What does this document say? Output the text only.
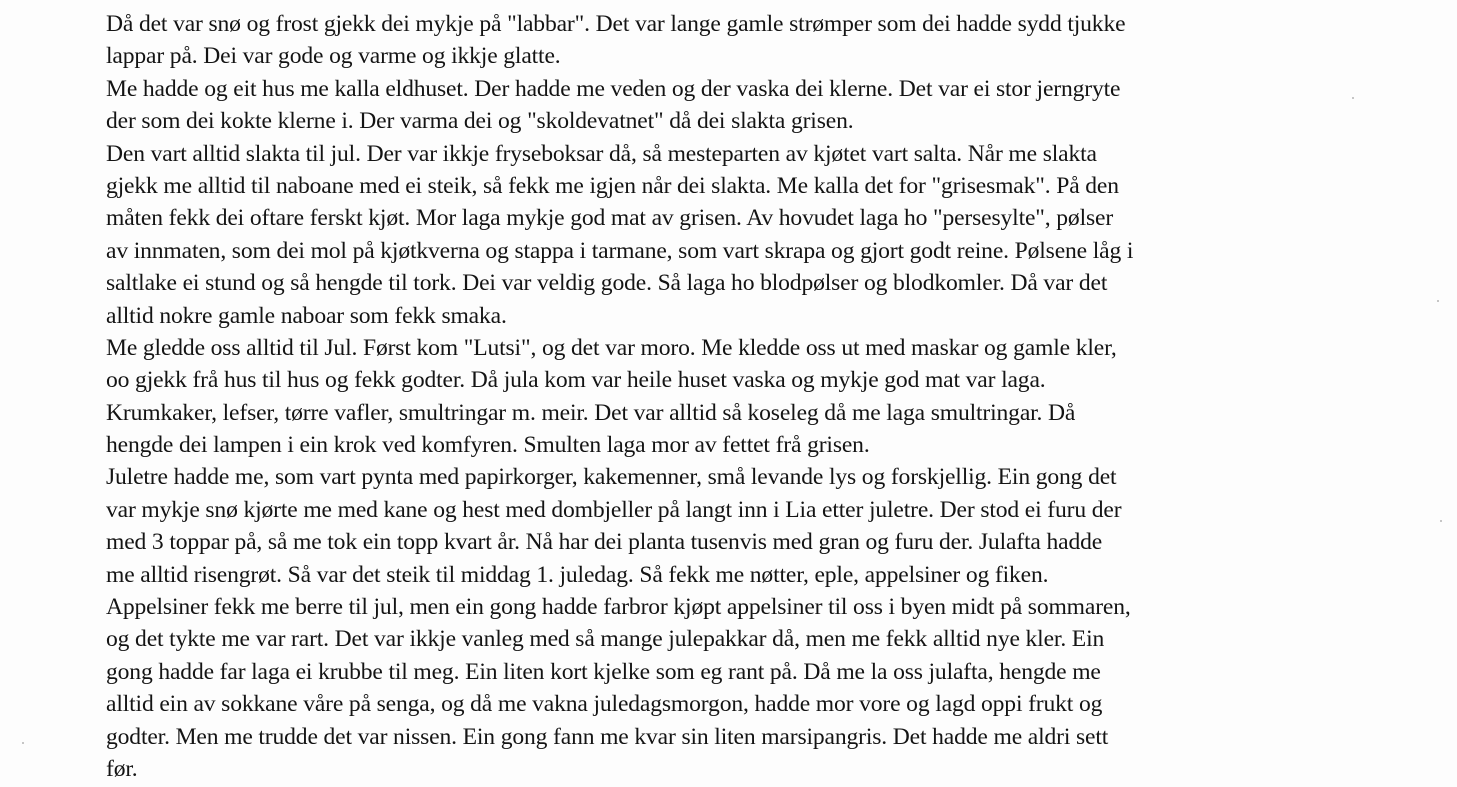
Då det var snø og frost gjekk dei mykje på "labbar". Det var lange gamle strømper som dei hadde sydd tjukke
lappar på. Dei var gode og varme og ikkje glatte.
Me hadde og eit hus me kalla eldhuset. Der hadde me veden og der vaska dei klerne. Det var ei stor jerngryte
der som dei kokte klerne i. Der varma dei og "skoldevatnet" då dei slakta grisen.
Den vart alltid slakta til jul. Der var ikkje fryseboksar då, så mesteparten av kjøtet vart salta. Når me slakta
gjekk me alltid til naboane med ei steik, så fekk me igjen når dei slakta. Me kalla det for "grisesmak". På den
måten fekk dei oftare ferskt kjøt. Mor laga mykje god mat av grisen. Av hovudet laga ho "persesylte", pølser
av innmaten, som dei mol på kjøtkverna og stappa i tarmane, som vart skrapa og gjort godt reine. Pølsene låg i
saltlake ei stund og så hengde til tork. Dei var veldig gode. Så laga ho blodpølser og blodkomler. Då var det
alltid nokre gamle naboar som fekk smaka.
Me gledde oss alltid til Jul. Først kom "Lutsi", og det var moro. Me kledde oss ut med maskar og gamle kler,
oo gjekk frå hus til hus og fekk godter. Då jula kom var heile huset vaska og mykje god mat var laga.
Krumkaker, lefser, tørre vafler, smultringar m. meir. Det var alltid så koseleg då me laga smultringar. Då
hengde dei lampen i ein krok ved komfyren. Smulten laga mor av fettet frå grisen.
Juletre hadde me, som vart pynta med papirkorger, kakemenner, små levande lys og forskjellig. Ein gong det
var mykje snø kjørte me med kane og hest med dombjeller på langt inn i Lia etter juletre. Der stod ei furu der
med 3 toppar på, så me tok ein topp kvart år. Nå har dei planta tusenvis med gran og furu der. Julafta hadde
me alltid risengrøt. Så var det steik til middag 1. juledag. Så fekk me nøtter, eple, appelsiner og fiken.
Appelsiner fekk me berre til jul, men ein gong hadde farbror kjøpt appelsiner til oss i byen midt på sommaren,
og det tykte me var rart. Det var ikkje vanleg med så mange julepakkar då, men me fekk alltid nye kler. Ein
gong hadde far laga ei krubbe til meg. Ein liten kort kjelke som eg rant på. Då me la oss julafta, hengde me
alltid ein av sokkane våre på senga, og då me vakna juledagsmorgon, hadde mor vore og lagd oppi frukt og
godter. Men me trudde det var nissen. Ein gong fann me kvar sin liten marsipangris. Det hadde me aldri sett
før.
